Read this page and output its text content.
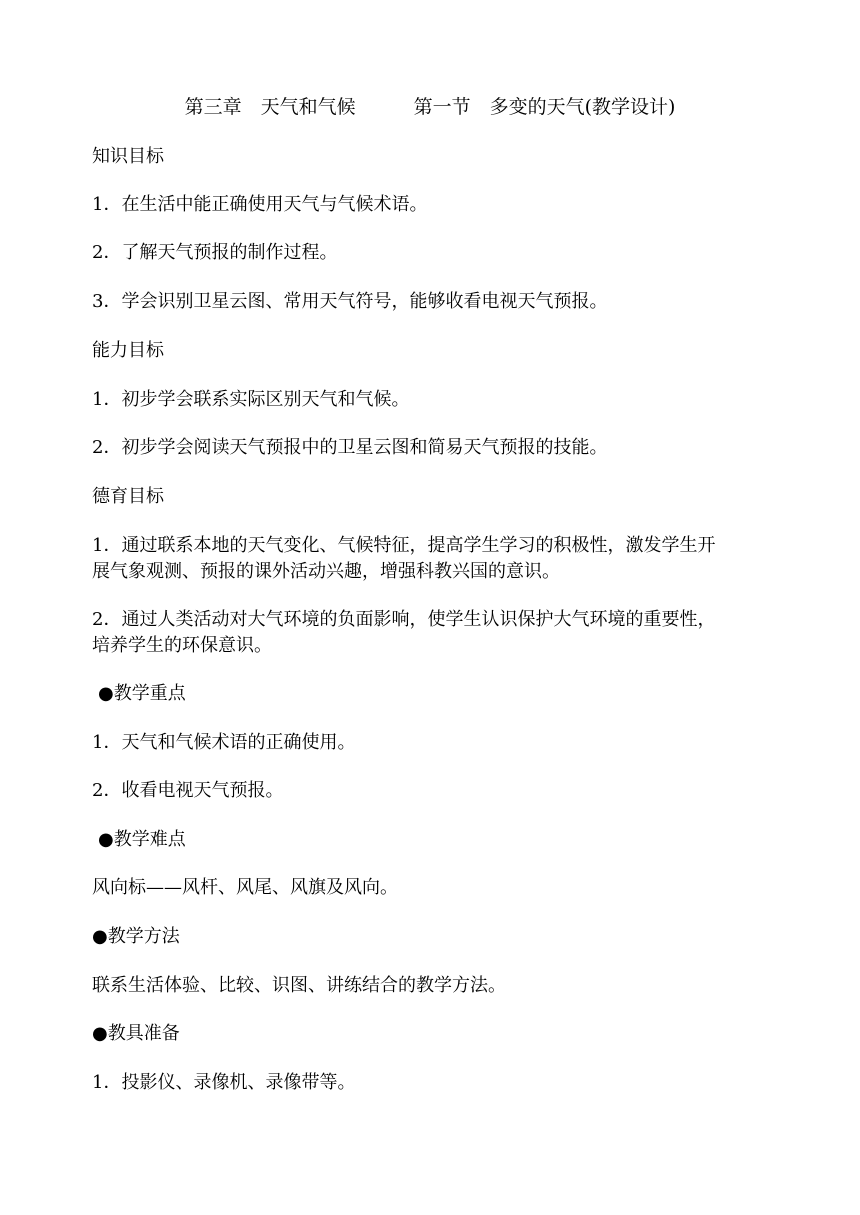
第三章　天气和气候	第一节　多变的天气(教学设计)
知识目标
1．在生活中能正确使用天气与气候术语。
2．了解天气预报的制作过程。
3．学会识别卫星云图、常用天气符号，能够收看电视天气预报。
能力目标
1．初步学会联系实际区别天气和气候。
2．初步学会阅读天气预报中的卫星云图和简易天气预报的技能。
德育目标
1．通过联系本地的天气变化、气候特征，提高学生学习的积极性，激发学生开
展气象观测、预报的课外活动兴趣，增强科教兴国的意识。
2．通过人类活动对大气环境的负面影响，使学生认识保护大气环境的重要性，
培养学生的环保意识。
●教学重点
1．天气和气候术语的正确使用。
2．收看电视天气预报。
●教学难点
风向标——风杆、风尾、风旗及风向。
●教学方法
联系生活体验、比较、识图、讲练结合的教学方法。
●教具准备
1．投影仪、录像机、录像带等。
